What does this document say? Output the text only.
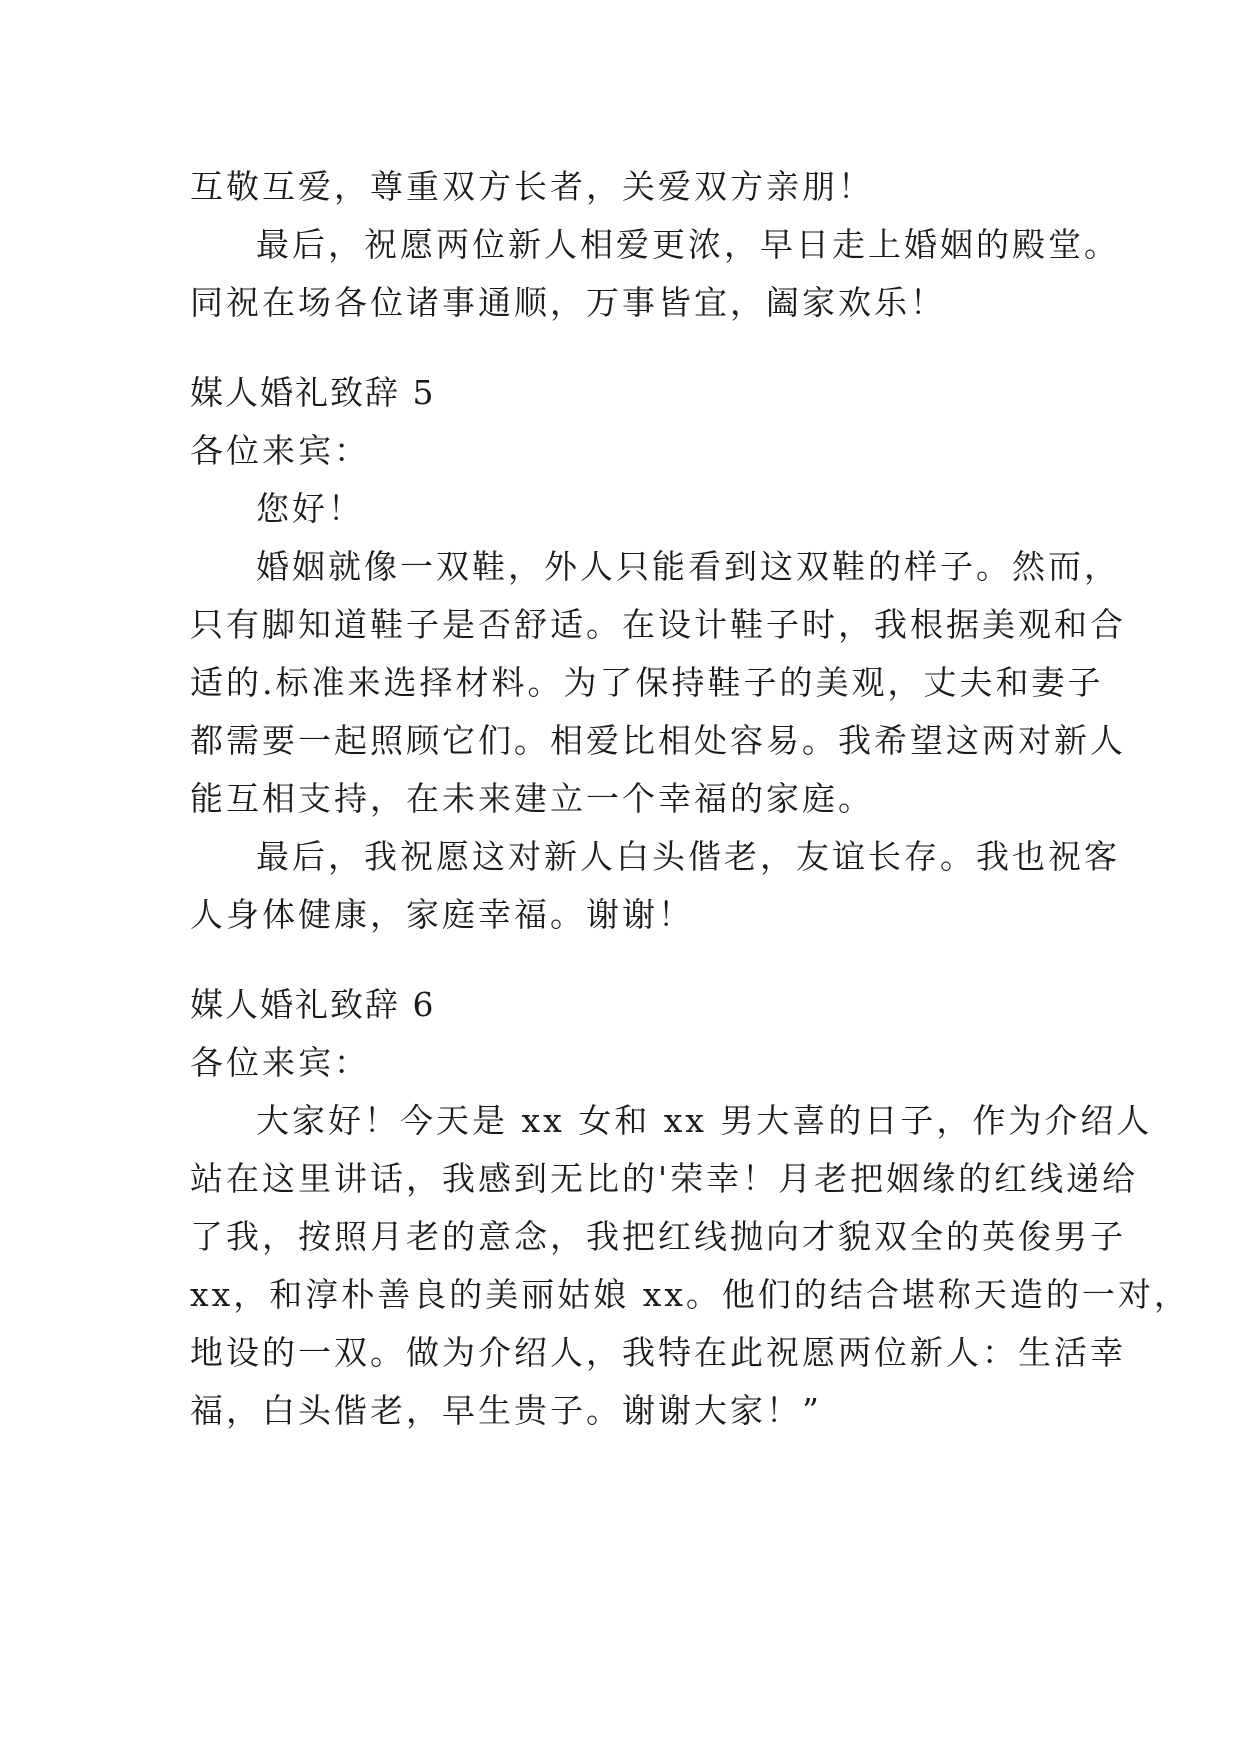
互敬互爱，尊重双方长者，关爱双方亲朋！

最后，祝愿两位新人相爱更浓，早日走上婚姻的殿堂。

同祝在场各位诸事通顺，万事皆宜，阖家欢乐！

媒人婚礼致辞 5

各位来宾：

您好！

婚姻就像一双鞋，外人只能看到这双鞋的样子。然而，

只有脚知道鞋子是否舒适。在设计鞋子时，我根据美观和合

适的.标准来选择材料。为了保持鞋子的美观，丈夫和妻子

都需要一起照顾它们。相爱比相处容易。我希望这两对新人

能互相支持，在未来建立一个幸福的家庭。

最后，我祝愿这对新人白头偕老，友谊长存。我也祝客

人身体健康，家庭幸福。谢谢！

媒人婚礼致辞 6

各位来宾：

大家好！今天是 xx 女和 xx 男大喜的日子，作为介绍人

站在这里讲话，我感到无比的'荣幸！月老把姻缘的红线递给

了我，按照月老的意念，我把红线抛向才貌双全的英俊男子

xx，和淳朴善良的美丽姑娘 xx。他们的结合堪称天造的一对，

地设的一双。做为介绍人，我特在此祝愿两位新人：生活幸

福，白头偕老，早生贵子。谢谢大家！”
